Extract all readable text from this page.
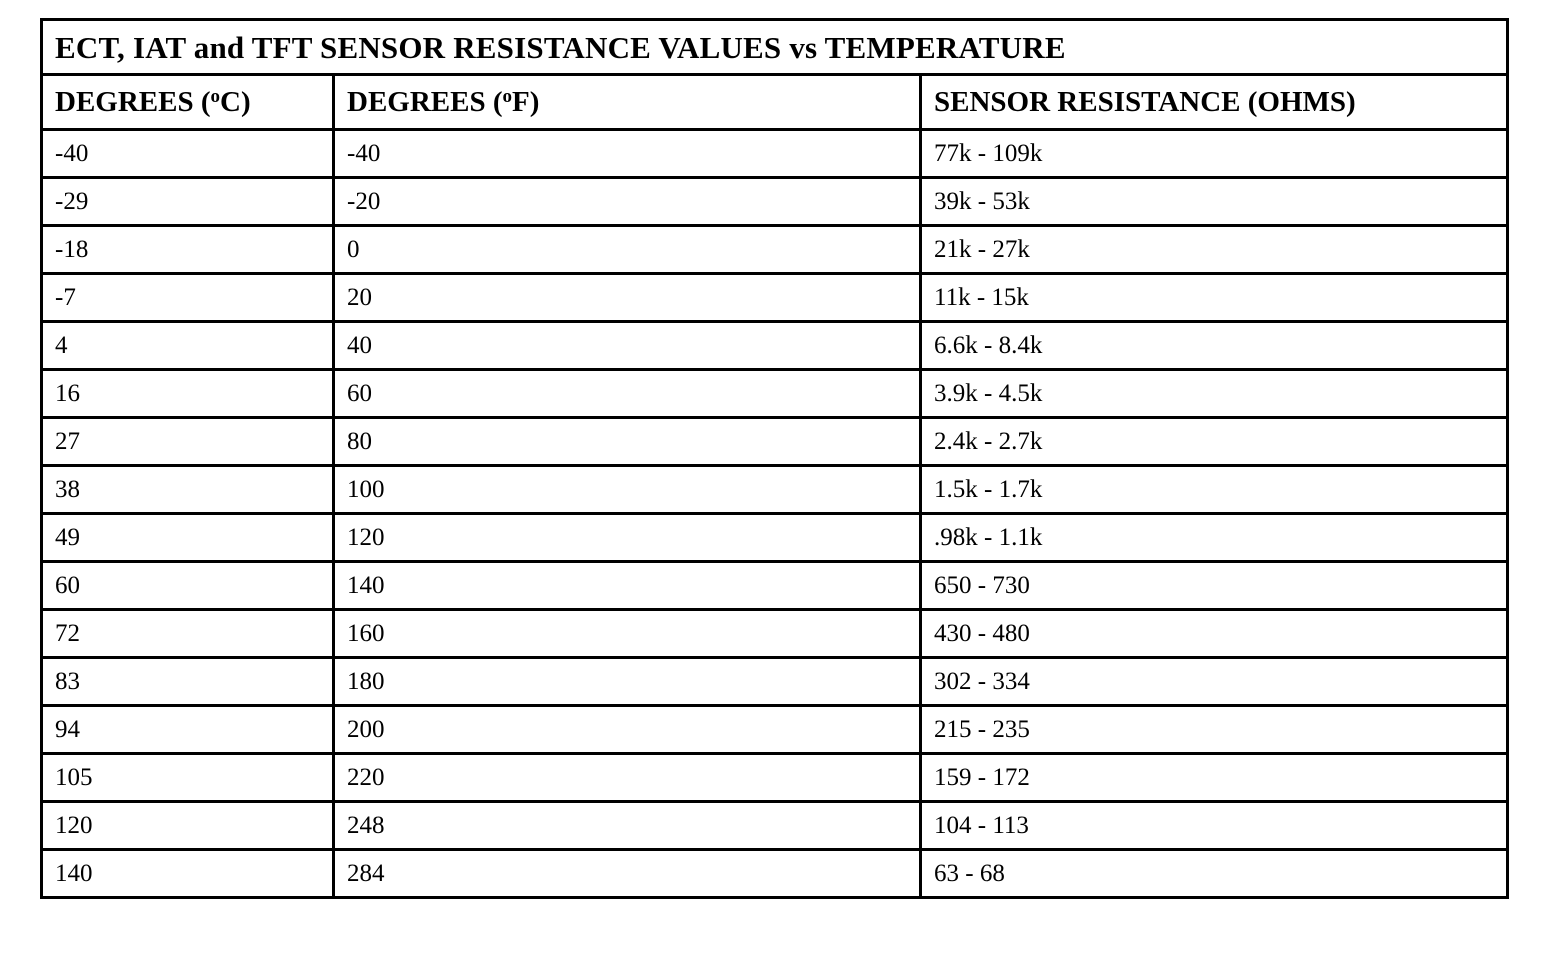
ECT, IAT and TFT SENSOR RESISTANCE VALUES vs TEMPERATURE		
DEGREES ($^o$C)	DEGREES ($^o$F)	SENSOR RESISTANCE (OHMS)
-40	-40	77k - 109k
-29	-20	39k - 53k
-18	0	21k - 27k
-7	20	11k - 15k
4	40	6.6k - 8.4k
16	60	3.9k - 4.5k
27	80	2.4k - 2.7k
38	100	1.5k - 1.7k
49	120	.98k - 1.1k
60	140	650 - 730
72	160	430 - 480
83	180	302 - 334
94	200	215 - 235
105	220	159 - 172
120	248	104 - 113
140	284	63 - 68
